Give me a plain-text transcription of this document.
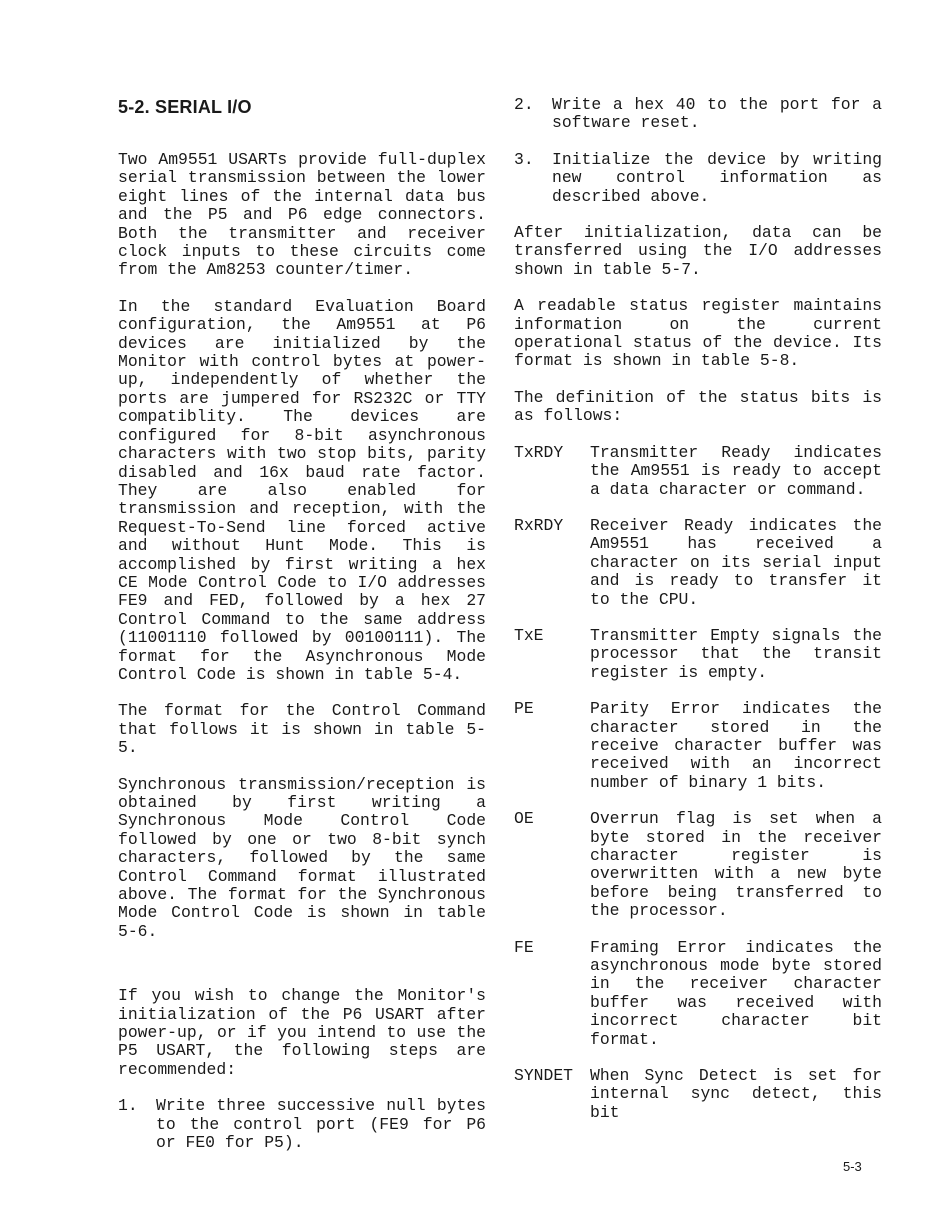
5-2. SERIAL I/O

Two Am9551 USARTs provide full-duplex serial transmission between the lower eight lines of the internal data bus and the P5 and P6 edge connectors. Both the transmitter and receiver clock inputs to these circuits come from the Am8253 counter/timer.

In the standard Evaluation Board configuration, the Am9551 at P6 devices are initialized by the Monitor with control bytes at power-up, independently of whether the ports are jumpered for RS232C or TTY compatiblity. The devices are configured for 8-bit asynchronous characters with two stop bits, parity disabled and 16x baud rate factor. They are also enabled for transmission and reception, with the Request-To-Send line forced active and without Hunt Mode. This is accomplished by first writing a hex CE Mode Control Code to I/O addresses FE9 and FED, followed by a hex 27 Control Command to the same address (11001110 followed by 00100111). The format for the Asynchronous Mode Control Code is shown in table 5-4.

The format for the Control Command that follows it is shown in table 5-5.

Synchronous transmission/reception is obtained by first writing a Synchronous Mode Control Code followed by one or two 8-bit synch characters, followed by the same Control Command format illustrated above. The format for the Synchronous Mode Control Code is shown in table 5-6.

If you wish to change the Monitor's initialization of the P6 USART after power-up, or if you intend to use the P5 USART, the following steps are recommended:

1.	Write three successive null bytes to the control port (FE9 for P6 or FE0 for P5).
2.	Write a hex 40 to the port for a software reset.
3.	Initialize the device by writing new control information as described above.

After initialization, data can be transferred using the I/O addresses shown in table 5-7.

A readable status register maintains information on the current operational status of the device. Its format is shown in table 5-8.

The definition of the status bits is as follows:

TxRDY	Transmitter Ready indicates the Am9551 is ready to accept a data character or command.
RxRDY	Receiver Ready indicates the Am9551 has received a character on its serial input and is ready to transfer it to the CPU.
TxE	Transmitter Empty signals the processor that the transit register is empty.
PE	Parity Error indicates the character stored in the receive character buffer was received with an incorrect number of binary 1 bits.
OE	Overrun flag is set when a byte stored in the receiver character register is overwritten with a new byte before being transferred to the processor.
FE	Framing Error indicates the asynchronous mode byte stored in the receiver character buffer was received with incorrect character bit format.
SYNDET	When Sync Detect is set for internal sync detect, this bit
5-3
